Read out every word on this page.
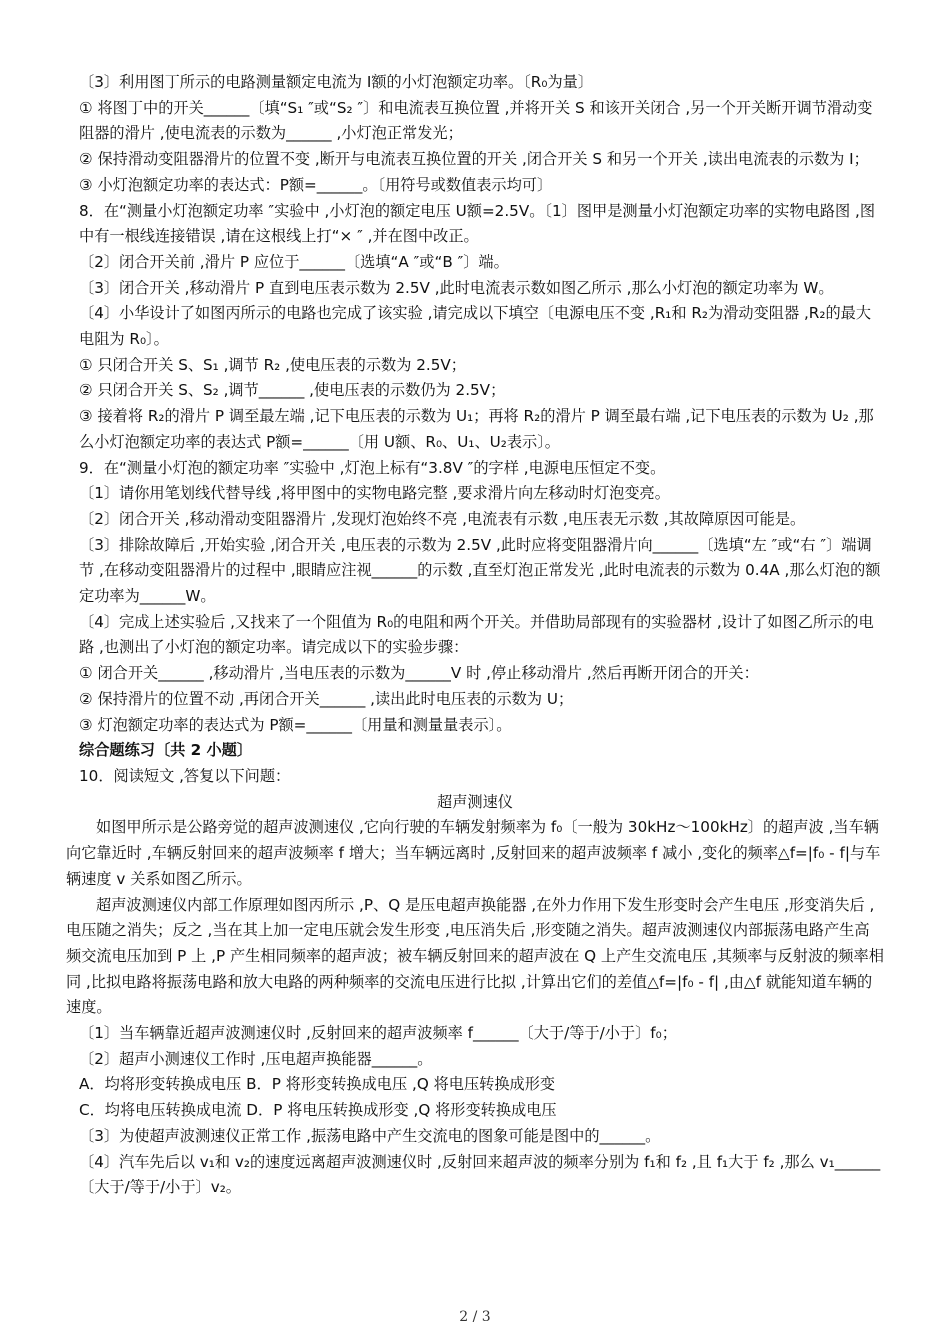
〔3〕利用图丁所示的电路测量额定电流为 I额的小灯泡额定功率。〔R₀为量〕

① 将图丁中的开关______〔填“S₁ ″或“S₂ ″〕和电流表互换位置 ,并将开关 S 和该开关闭合 ,另一个开关断开调节滑动变阻器的滑片 ,使电流表的示数为______ ,小灯泡正常发光；

② 保持滑动变阻器滑片的位置不变 ,断开与电流表互换位置的开关 ,闭合开关 S 和另一个开关 ,读出电流表的示数为 I；

③ 小灯泡额定功率的表达式：P额=______。〔用符号或数值表示均可〕

8．在“测量小灯泡额定功率 ″实验中 ,小灯泡的额定电压 U额=2.5V。〔1〕图甲是测量小灯泡额定功率的实物电路图 ,图中有一根线连接错误 ,请在这根线上打“× ″ ,并在图中改正。

〔2〕闭合开关前 ,滑片 P 应位于______〔选填“A ″或“B ″〕端。

〔3〕闭合开关 ,移动滑片 P 直到电压表示数为 2.5V ,此时电流表示数如图乙所示 ,那么小灯泡的额定功率为 W。

〔4〕小华设计了如图丙所示的电路也完成了该实验 ,请完成以下填空〔电源电压不变 ,R₁和 R₂为滑动变阻器 ,R₂的最大电阻为 R₀〕。

① 只闭合开关 S、S₁ ,调节 R₂ ,使电压表的示数为 2.5V；

② 只闭合开关 S、S₂ ,调节______ ,使电压表的示数仍为 2.5V；

③ 接着将 R₂的滑片 P 调至最左端 ,记下电压表的示数为 U₁；再将 R₂的滑片 P 调至最右端 ,记下电压表的示数为 U₂ ,那么小灯泡额定功率的表达式 P额=______〔用 U额、R₀、U₁、U₂表示〕。

9．在“测量小灯泡的额定功率 ″实验中 ,灯泡上标有“3.8V ″的字样 ,电源电压恒定不变。

〔1〕请你用笔划线代替导线 ,将甲图中的实物电路完整 ,要求滑片向左移动时灯泡变亮。

〔2〕闭合开关 ,移动滑动变阻器滑片 ,发现灯泡始终不亮 ,电流表有示数 ,电压表无示数 ,其故障原因可能是。

〔3〕排除故障后 ,开始实验 ,闭合开关 ,电压表的示数为 2.5V ,此时应将变阻器滑片向______〔选填“左 ″或“右 ″〕端调节 ,在移动变阻器滑片的过程中 ,眼睛应注视______的示数 ,直至灯泡正常发光 ,此时电流表的示数为 0.4A ,那么灯泡的额定功率为______W。

〔4〕完成上述实验后 ,又找来了一个阻值为 R₀的电阻和两个开关。并借助局部现有的实验器材 ,设计了如图乙所示的电路 ,也测出了小灯泡的额定功率。请完成以下的实验步骤：

① 闭合开关______ ,移动滑片 ,当电压表的示数为______V 时 ,停止移动滑片 ,然后再断开闭合的开关：

② 保持滑片的位置不动 ,再闭合开关______ ,读出此时电压表的示数为 U；

③ 灯泡额定功率的表达式为 P额=______〔用量和测量量表示〕。

综合题练习〔共 2 小题〕

10．阅读短文 ,答复以下问题：

超声测速仪

如图甲所示是公路旁觉的超声波测速仪 ,它向行驶的车辆发射频率为 f₀〔一般为 30kHz～100kHz〕的超声波 ,当车辆向它靠近时 ,车辆反射回来的超声波频率 f 增大；当车辆远离时 ,反射回来的超声波频率 f 减小 ,变化的频率△f=|f₀ - f|与车辆速度 v 关系如图乙所示。

超声波测速仪内部工作原理如图丙所示 ,P、Q 是压电超声换能器 ,在外力作用下发生形变时会产生电压 ,形变消失后 ,电压随之消失；反之 ,当在其上加一定电压就会发生形变 ,电压消失后 ,形变随之消失。超声波测速仪内部振荡电路产生高频交流电压加到 P 上 ,P 产生相同频率的超声波；被车辆反射回来的超声波在 Q 上产生交流电压 ,其频率与反射波的频率相同 ,比拟电路将振荡电路和放大电路的两种频率的交流电压进行比拟 ,计算出它们的差值△f=|f₀ - f| ,由△f 就能知道车辆的速度。

〔1〕当车辆靠近超声波测速仪时 ,反射回来的超声波频率 f______〔大于/等于/小于〕f₀；

〔2〕超声小测速仪工作时 ,压电超声换能器______。

A．均将形变转换成电压 B．P 将形变转换成电压 ,Q 将电压转换成形变

C．均将电压转换成电流 D．P 将电压转换成形变 ,Q 将形变转换成电压

〔3〕为使超声波测速仪正常工作 ,振荡电路中产生交流电的图象可能是图中的______。

〔4〕汽车先后以 v₁和 v₂的速度远离超声波测速仪时 ,反射回来超声波的频率分别为 f₁和 f₂ ,且 f₁大于 f₂ ,那么 v₁______〔大于/等于/小于〕v₂。

2 / 3
